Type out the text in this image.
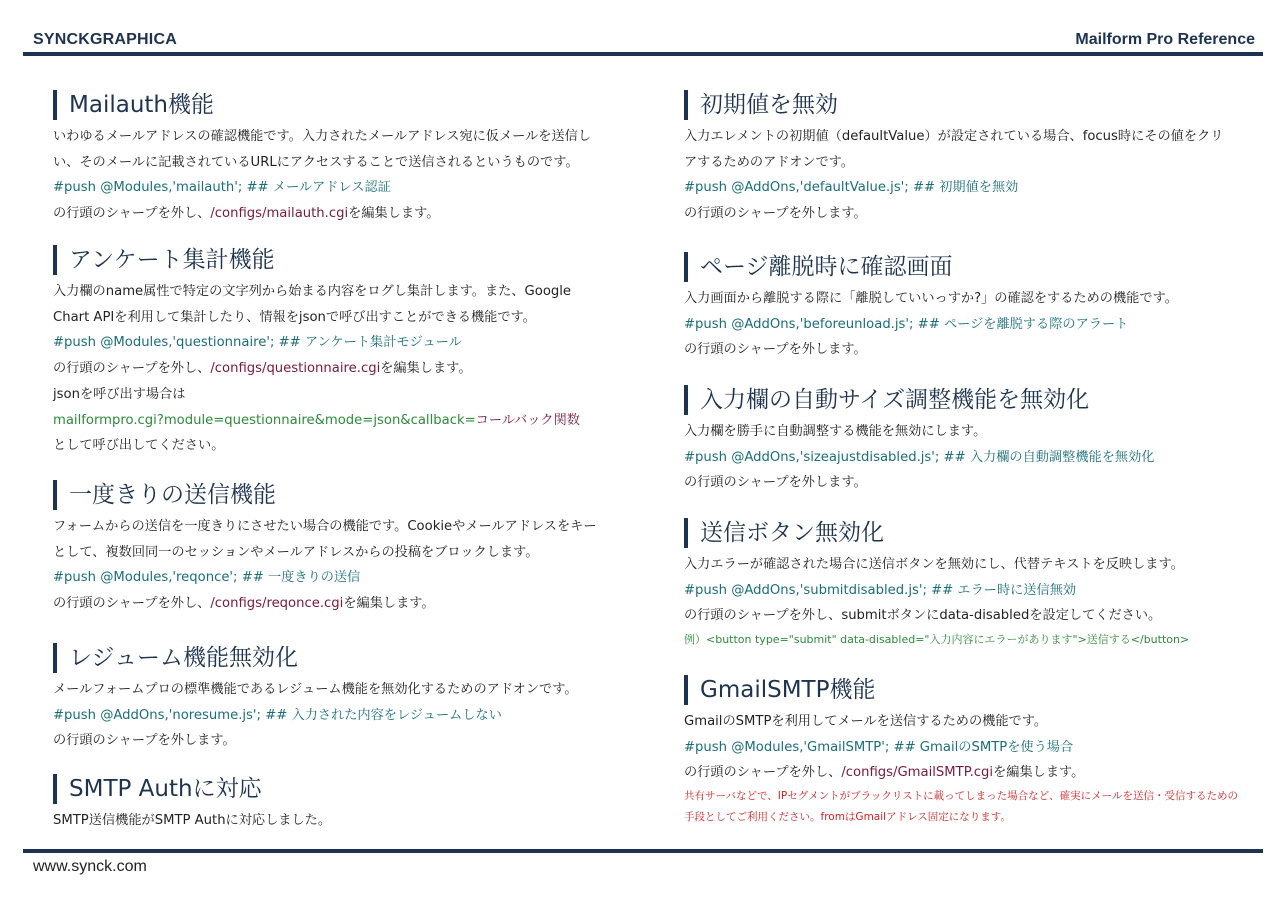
SYNCKGRAPHICA	Mailform Pro Reference
Mailauth機能
いわゆるメールアドレスの確認機能です。入力されたメールアドレス宛に仮メールを送信し
い、そのメールに記載されているURLにアクセスすることで送信されるというものです。
#push @Modules,'mailauth'; ## メールアドレス認証
の行頭のシャープを外し、/configs/mailauth.cgiを編集します。
アンケート集計機能
入力欄のname属性で特定の文字列から始まる内容をログし集計します。また、Google
Chart APIを利用して集計したり、情報をjsonで呼び出すことができる機能です。
#push @Modules,'questionnaire'; ## アンケート集計モジュール
の行頭のシャープを外し、/configs/questionnaire.cgiを編集します。
jsonを呼び出す場合は
mailformpro.cgi?module=questionnaire&mode=json&callback=コールバック関数
として呼び出してください。
一度きりの送信機能
フォームからの送信を一度きりにさせたい場合の機能です。Cookieやメールアドレスをキー
として、複数回同一のセッションやメールアドレスからの投稿をブロックします。
#push @Modules,'reqonce'; ## 一度きりの送信
の行頭のシャープを外し、/configs/reqonce.cgiを編集します。
レジューム機能無効化
メールフォームプロの標準機能であるレジューム機能を無効化するためのアドオンです。
#push @AddOns,'noresume.js'; ## 入力された内容をレジュームしない
の行頭のシャープを外します。
SMTP Authに対応
SMTP送信機能がSMTP Authに対応しました。
初期値を無効
入力エレメントの初期値（defaultValue）が設定されている場合、focus時にその値をクリ
アするためのアドオンです。
#push @AddOns,'defaultValue.js'; ## 初期値を無効
の行頭のシャープを外します。
ページ離脱時に確認画面
入力画面から離脱する際に「離脱していいっすか?」の確認をするための機能です。
#push @AddOns,'beforeunload.js'; ## ページを離脱する際のアラート
の行頭のシャープを外します。
入力欄の自動サイズ調整機能を無効化
入力欄を勝手に自動調整する機能を無効にします。
#push @AddOns,'sizeajustdisabled.js'; ## 入力欄の自動調整機能を無効化
の行頭のシャープを外します。
送信ボタン無効化
入力エラーが確認された場合に送信ボタンを無効にし、代替テキストを反映します。
#push @AddOns,'submitdisabled.js'; ## エラー時に送信無効
の行頭のシャープを外し、submitボタンにdata-disabledを設定してください。
例）<button type="submit" data-disabled="入力内容にエラーがあります">送信する</button>
GmailSMTP機能
GmailのSMTPを利用してメールを送信するための機能です。
#push @Modules,'GmailSMTP'; ## GmailのSMTPを使う場合
の行頭のシャープを外し、/configs/GmailSMTP.cgiを編集します。
共有サーバなどで、IPセグメントがブラックリストに載ってしまった場合など、確実にメールを送信・受信するための
手段としてご利用ください。fromはGmailアドレス固定になります。
www.synck.com
